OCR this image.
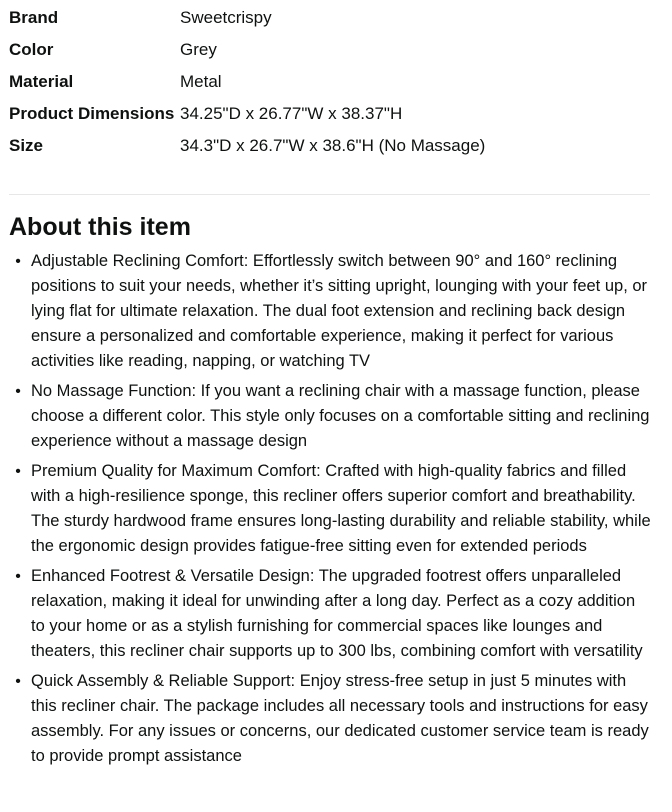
Brand	Sweetcrispy
Color	Grey
Material	Metal
Product Dimensions 34.25"D x 26.77"W x 38.37"H
Size	34.3"D x 26.7"W x 38.6"H (No Massage)
About this item
• Adjustable Reclining Comfort: Effortlessly switch between 90° and 160° reclining positions to suit your needs, whether it’s sitting upright, lounging with your feet up, or lying flat for ultimate relaxation. The dual foot extension and reclining back design ensure a personalized and comfortable experience, making it perfect for various activities like reading, napping, or watching TV
• No Massage Function: If you want a reclining chair with a massage function, please choose a different color. This style only focuses on a comfortable sitting and reclining experience without a massage design
• Premium Quality for Maximum Comfort: Crafted with high-quality fabrics and filled with a high-resilience sponge, this recliner offers superior comfort and breathability. The sturdy hardwood frame ensures long-lasting durability and reliable stability, while the ergonomic design provides fatigue-free sitting even for extended periods
• Enhanced Footrest & Versatile Design: The upgraded footrest offers unparalleled relaxation, making it ideal for unwinding after a long day. Perfect as a cozy addition to your home or as a stylish furnishing for commercial spaces like lounges and theaters, this recliner chair supports up to 300 lbs, combining comfort with versatility
• Quick Assembly & Reliable Support: Enjoy stress-free setup in just 5 minutes with this recliner chair. The package includes all necessary tools and instructions for easy assembly. For any issues or concerns, our dedicated customer service team is ready to provide prompt assistance
